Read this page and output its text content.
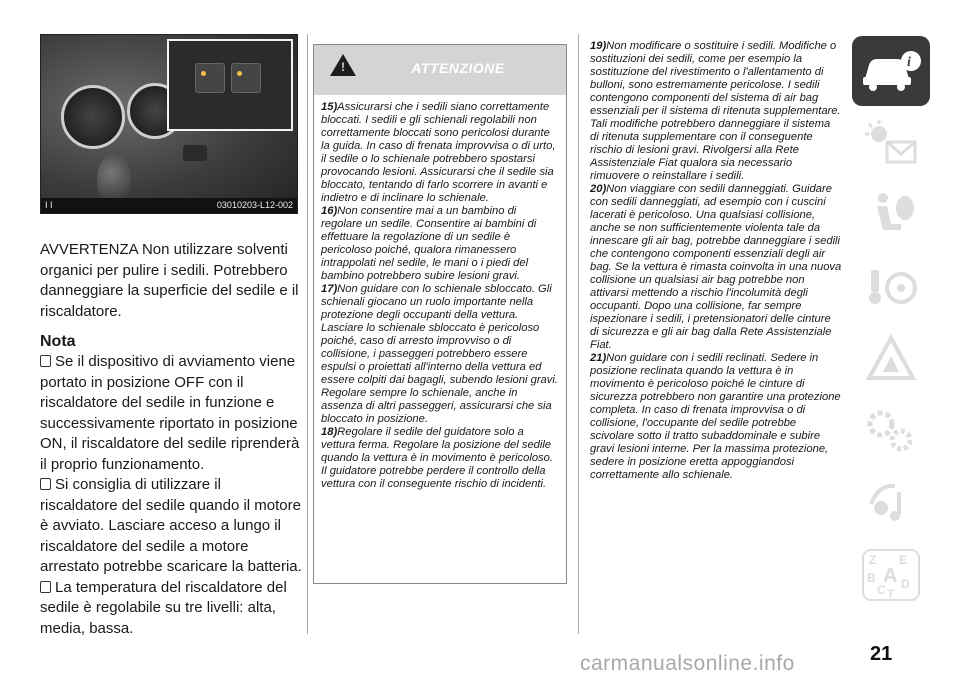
I I	03010203-L12-002

AVVERTENZA Non utilizzare solventi organici per pulire i sedili. Potrebbero danneggiare la superficie del sedile e il riscaldatore.

Nota

Se il dispositivo di avviamento viene portato in posizione OFF con il riscaldatore del sedile in funzione e successivamente riportato in posizione ON, il riscaldatore del sedile riprenderà il proprio funzionamento.

Si consiglia di utilizzare il riscaldatore del sedile quando il motore è avviato. Lasciare acceso a lungo il riscaldatore del sedile a motore arrestato potrebbe scaricare la batteria.

La temperatura del riscaldatore del sedile è regolabile su tre livelli: alta, media, bassa.

!	ATTENZIONE
15)Assicurarsi che i sedili siano correttamente bloccati. I sedili e gli schienali regolabili non correttamente bloccati sono pericolosi durante la guida. In caso di frenata improvvisa o di urto, il sedile o lo schienale potrebbero spostarsi provocando lesioni. Assicurarsi che il sedile sia bloccato, tentando di farlo scorrere in avanti e indietro e di inclinare lo schienale.
16)Non consentire mai a un bambino di regolare un sedile. Consentire ai bambini di effettuare la regolazione di un sedile è pericoloso poiché, qualora rimanessero intrappolati nel sedile, le mani o i piedi del bambino potrebbero subire lesioni gravi.
17)Non guidare con lo schienale sbloccato. Gli schienali giocano un ruolo importante nella protezione degli occupanti della vettura. Lasciare lo schienale sbloccato è pericoloso poiché, caso di arresto improvviso o di collisione, i passeggeri potrebbero essere espulsi o proiettati all'interno della vettura ed essere colpiti dai bagagli, subendo lesioni gravi. Regolare sempre lo schienale, anche in assenza di altri passeggeri, assicurarsi che sia bloccato in posizione.
18)Regolare il sedile del guidatore solo a vettura ferma. Regolare la posizione del sedile quando la vettura è in movimento è pericoloso. Il guidatore potrebbe perdere il controllo della vettura con il conseguente rischio di incidenti.
19)Non modificare o sostituire i sedili. Modifiche o sostituzioni dei sedili, come per esempio la sostituzione del rivestimento o l'allentamento di bulloni, sono estremamente pericolose. I sedili contengono componenti del sistema di air bag essenziali per il sistema di ritenuta supplementare. Tali modifiche potrebbero danneggiare il sistema di ritenuta supplementare con il conseguente rischio di lesioni gravi. Rivolgersi alla Rete Assistenziale Fiat qualora sia necessario rimuovere o reinstallare i sedili.
20)Non viaggiare con sedili danneggiati. Guidare con sedili danneggiati, ad esempio con i cuscini lacerati è pericoloso. Una qualsiasi collisione, anche se non sufficientemente violenta tale da innescare gli air bag, potrebbe danneggiare i sedili che contengono componenti essenziali degli air bag. Se la vettura è rimasta coinvolta in una nuova collisione un qualsiasi air bag potrebbe non attivarsi mettendo a rischio l'incolumità degli occupanti. Dopo una collisione, far sempre ispezionare i sedili, i pretensionatori delle cinture di sicurezza e gli air bag dalla Rete Assistenziale Fiat.
21)Non guidare con i sedili reclinati. Sedere in posizione reclinata quando la vettura è in movimento è pericoloso poiché le cinture di sicurezza potrebbero non garantire una protezione completa. In caso di frenata improvvisa o di collisione, l'occupante del sedile potrebbe scivolare sotto il tratto subaddominale e subire gravi lesioni interne. Per la massima protezione, sedere in posizione eretta appoggiandosi correttamente allo schienale.
i
Z E
B D
C T
A
carmanualsonline.info	21
